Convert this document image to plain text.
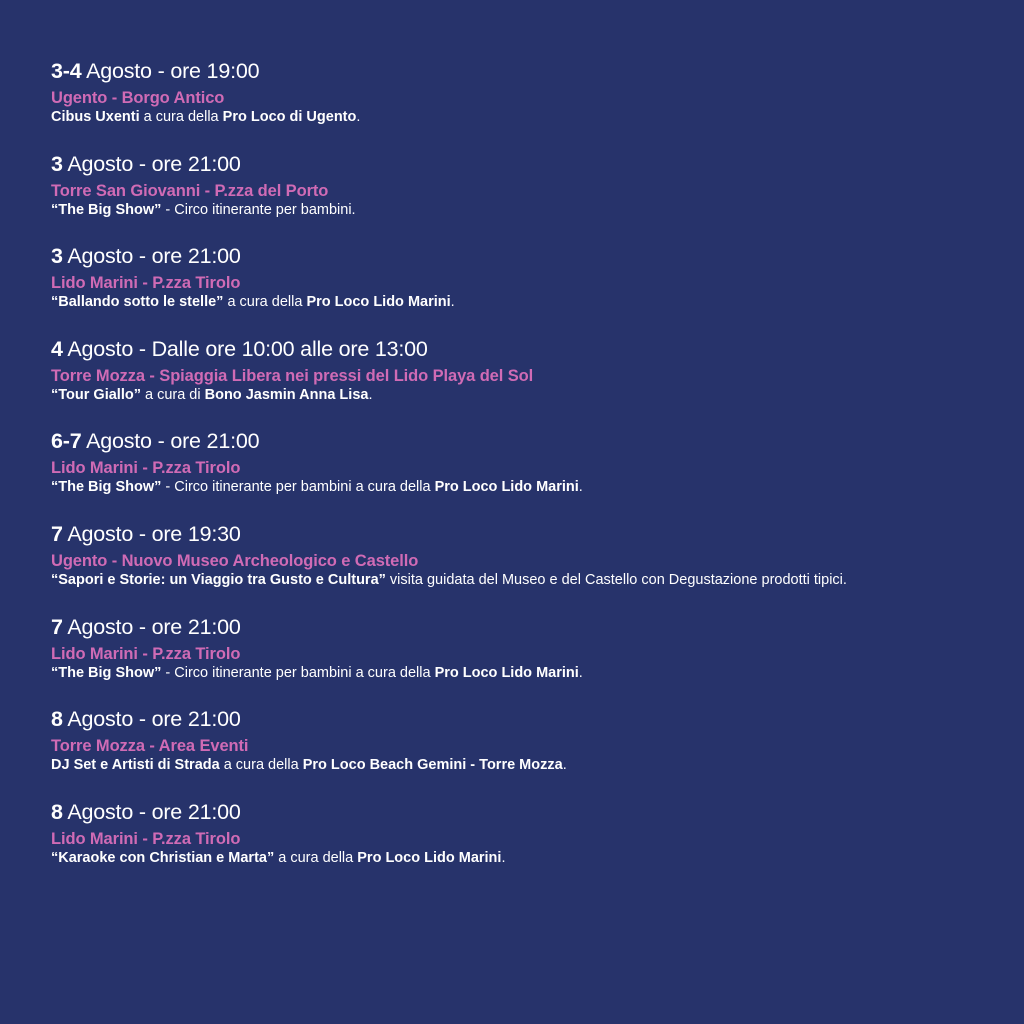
3-4 Agosto - ore 19:00
Ugento - Borgo Antico
Cibus Uxenti a cura della Pro Loco di Ugento.
3 Agosto - ore 21:00
Torre San Giovanni - P.zza del Porto
“The Big Show” - Circo itinerante per bambini.
3 Agosto - ore 21:00
Lido Marini - P.zza Tirolo
“Ballando sotto le stelle” a cura della Pro Loco Lido Marini.
4 Agosto - Dalle ore 10:00 alle ore 13:00
Torre Mozza - Spiaggia Libera nei pressi del Lido Playa del Sol
“Tour Giallo” a cura di Bono Jasmin Anna Lisa.
6-7 Agosto - ore 21:00
Lido Marini - P.zza Tirolo
“The Big Show” - Circo itinerante per bambini a cura della Pro Loco Lido Marini.
7 Agosto - ore 19:30
Ugento - Nuovo Museo Archeologico e Castello
“Sapori e Storie: un Viaggio tra Gusto e Cultura” visita guidata del Museo e del Castello con Degustazione prodotti tipici.
7 Agosto - ore 21:00
Lido Marini - P.zza Tirolo
“The Big Show” - Circo itinerante per bambini a cura della Pro Loco Lido Marini.
8 Agosto - ore 21:00
Torre Mozza - Area Eventi
DJ Set e Artisti di Strada a cura della Pro Loco Beach Gemini - Torre Mozza.
8 Agosto - ore 21:00
Lido Marini - P.zza Tirolo
“Karaoke con Christian e Marta” a cura della Pro Loco Lido Marini.
